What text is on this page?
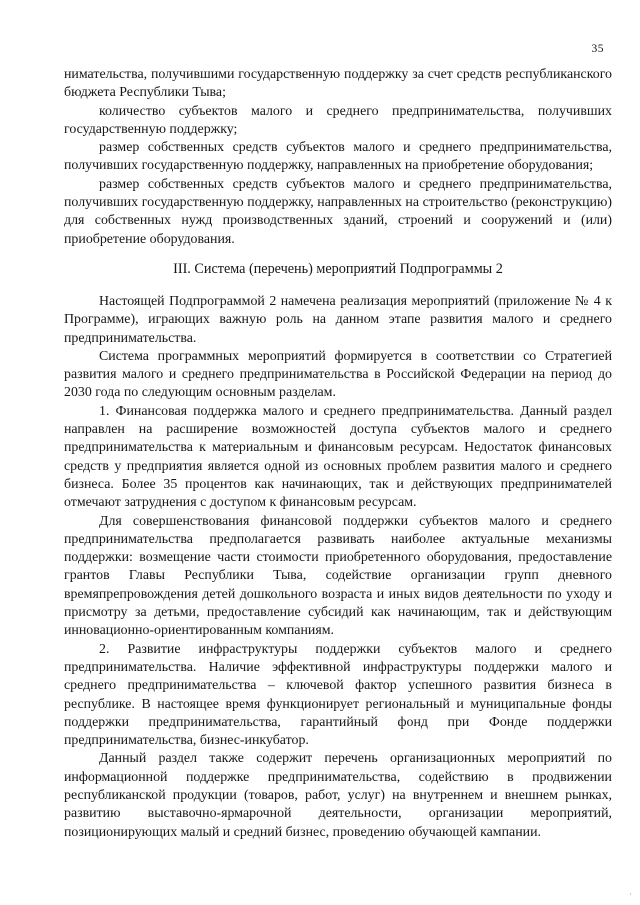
35

нимательства, получившими государственную поддержку за счет средств республиканского бюджета Республики Тыва;

количество субъектов малого и среднего предпринимательства, получивших государственную поддержку;

размер собственных средств субъектов малого и среднего предпринимательства, получивших государственную поддержку, направленных на приобретение оборудования;

размер собственных средств субъектов малого и среднего предпринимательства, получивших государственную поддержку, направленных на строительство (реконструкцию) для собственных нужд производственных зданий, строений и сооружений и (или) приобретение оборудования.

III. Система (перечень) мероприятий Подпрограммы 2

Настоящей Подпрограммой 2 намечена реализация мероприятий (приложение № 4 к Программе), играющих важную роль на данном этапе развития малого и среднего предпринимательства.

Система программных мероприятий формируется в соответствии со Стратегией развития малого и среднего предпринимательства в Российской Федерации на период до 2030 года по следующим основным разделам.

1. Финансовая поддержка малого и среднего предпринимательства. Данный раздел направлен на расширение возможностей доступа субъектов малого и среднего предпринимательства к материальным и финансовым ресурсам. Недостаток финансовых средств у предприятия является одной из основных проблем развития малого и среднего бизнеса. Более 35 процентов как начинающих, так и действующих предпринимателей отмечают затруднения с доступом к финансовым ресурсам.

Для совершенствования финансовой поддержки субъектов малого и среднего предпринимательства предполагается развивать наиболее актуальные механизмы поддержки: возмещение части стоимости приобретенного оборудования, предоставление грантов Главы Республики Тыва, содействие организации групп дневного времяпрепровождения детей дошкольного возраста и иных видов деятельности по уходу и присмотру за детьми, предоставление субсидий как начинающим, так и действующим инновационно-ориентированным компаниям.

2. Развитие инфраструктуры поддержки субъектов малого и среднего предпринимательства. Наличие эффективной инфраструктуры поддержки малого и среднего предпринимательства – ключевой фактор успешного развития бизнеса в республике. В настоящее время функционирует региональный и муниципальные фонды поддержки предпринимательства, гарантийный фонд при Фонде поддержки предпринимательства, бизнес-инкубатор.

Данный раздел также содержит перечень организационных мероприятий по информационной поддержке предпринимательства, содействию в продвижении республиканской продукции (товаров, работ, услуг) на внутреннем и внешнем рынках, развитию выставочно-ярмарочной деятельности, организации мероприятий, позиционирующих малый и средний бизнес, проведению обучающей кампании.

·
